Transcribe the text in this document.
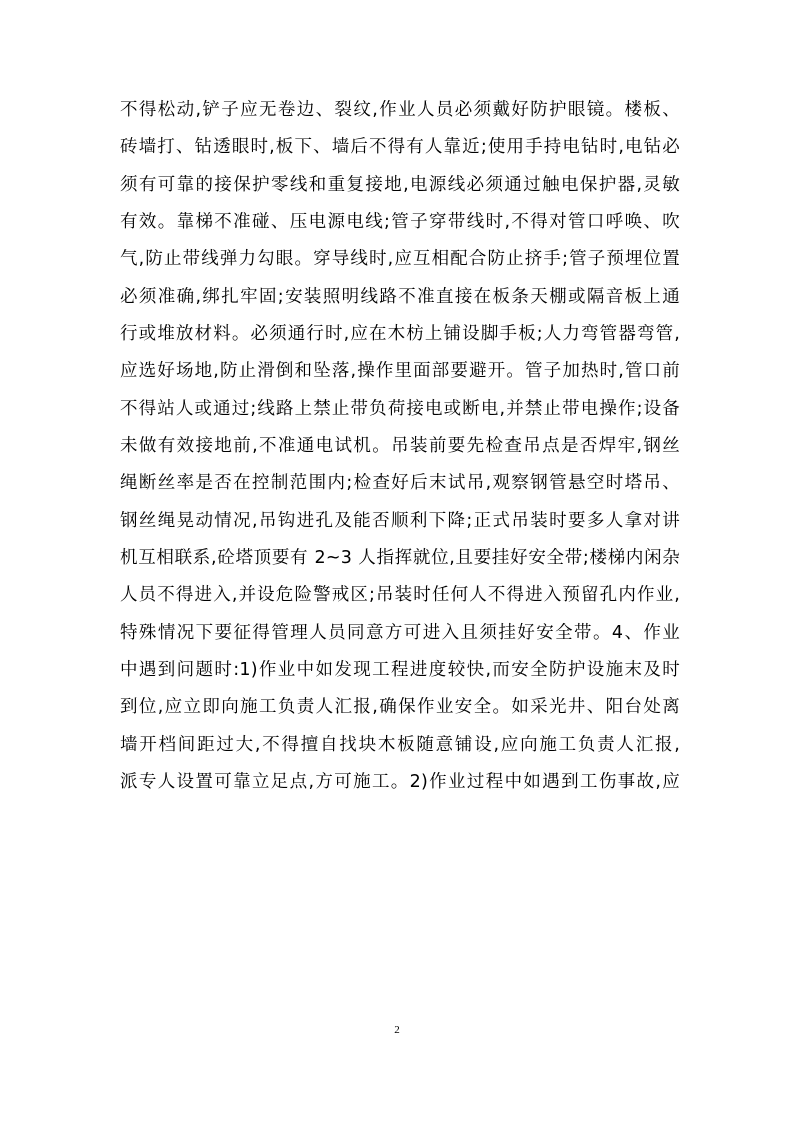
不得松动,铲子应无卷边、裂纹,作业人员必须戴好防护眼镜。楼板、
砖墙打、钻透眼时,板下、墙后不得有人靠近;使用手持电钻时,电钻必
须有可靠的接保护零线和重复接地,电源线必须通过触电保护器,灵敏
有效。靠梯不准碰、压电源电线;管子穿带线时,不得对管口呼唤、吹
气,防止带线弹力勾眼。穿导线时,应互相配合防止挤手;管子预埋位置
必须准确,绑扎牢固;安装照明线路不准直接在板条天棚或隔音板上通
行或堆放材料。必须通行时,应在木枋上铺设脚手板;人力弯管器弯管,
应选好场地,防止滑倒和坠落,操作里面部要避开。管子加热时,管口前
不得站人或通过;线路上禁止带负荷接电或断电,并禁止带电操作;设备
未做有效接地前,不准通电试机。吊装前要先检查吊点是否焊牢,钢丝
绳断丝率是否在控制范围内;检查好后末试吊,观察钢管悬空时塔吊、
钢丝绳晃动情况,吊钩进孔及能否顺利下降;正式吊装时要多人拿对讲
机互相联系,砼塔顶要有 2~3 人指挥就位,且要挂好安全带;楼梯内闲杂
人员不得进入,并设危险警戒区;吊装时任何人不得进入预留孔内作业,
特殊情况下要征得管理人员同意方可进入且须挂好安全带。4、作业
中遇到问题时:1)作业中如发现工程进度较快,而安全防护设施末及时
到位,应立即向施工负责人汇报,确保作业安全。如采光井、阳台处离
墙开档间距过大,不得擅自找块木板随意铺设,应向施工负责人汇报,
派专人设置可靠立足点,方可施工。2)作业过程中如遇到工伤事故,应
2
